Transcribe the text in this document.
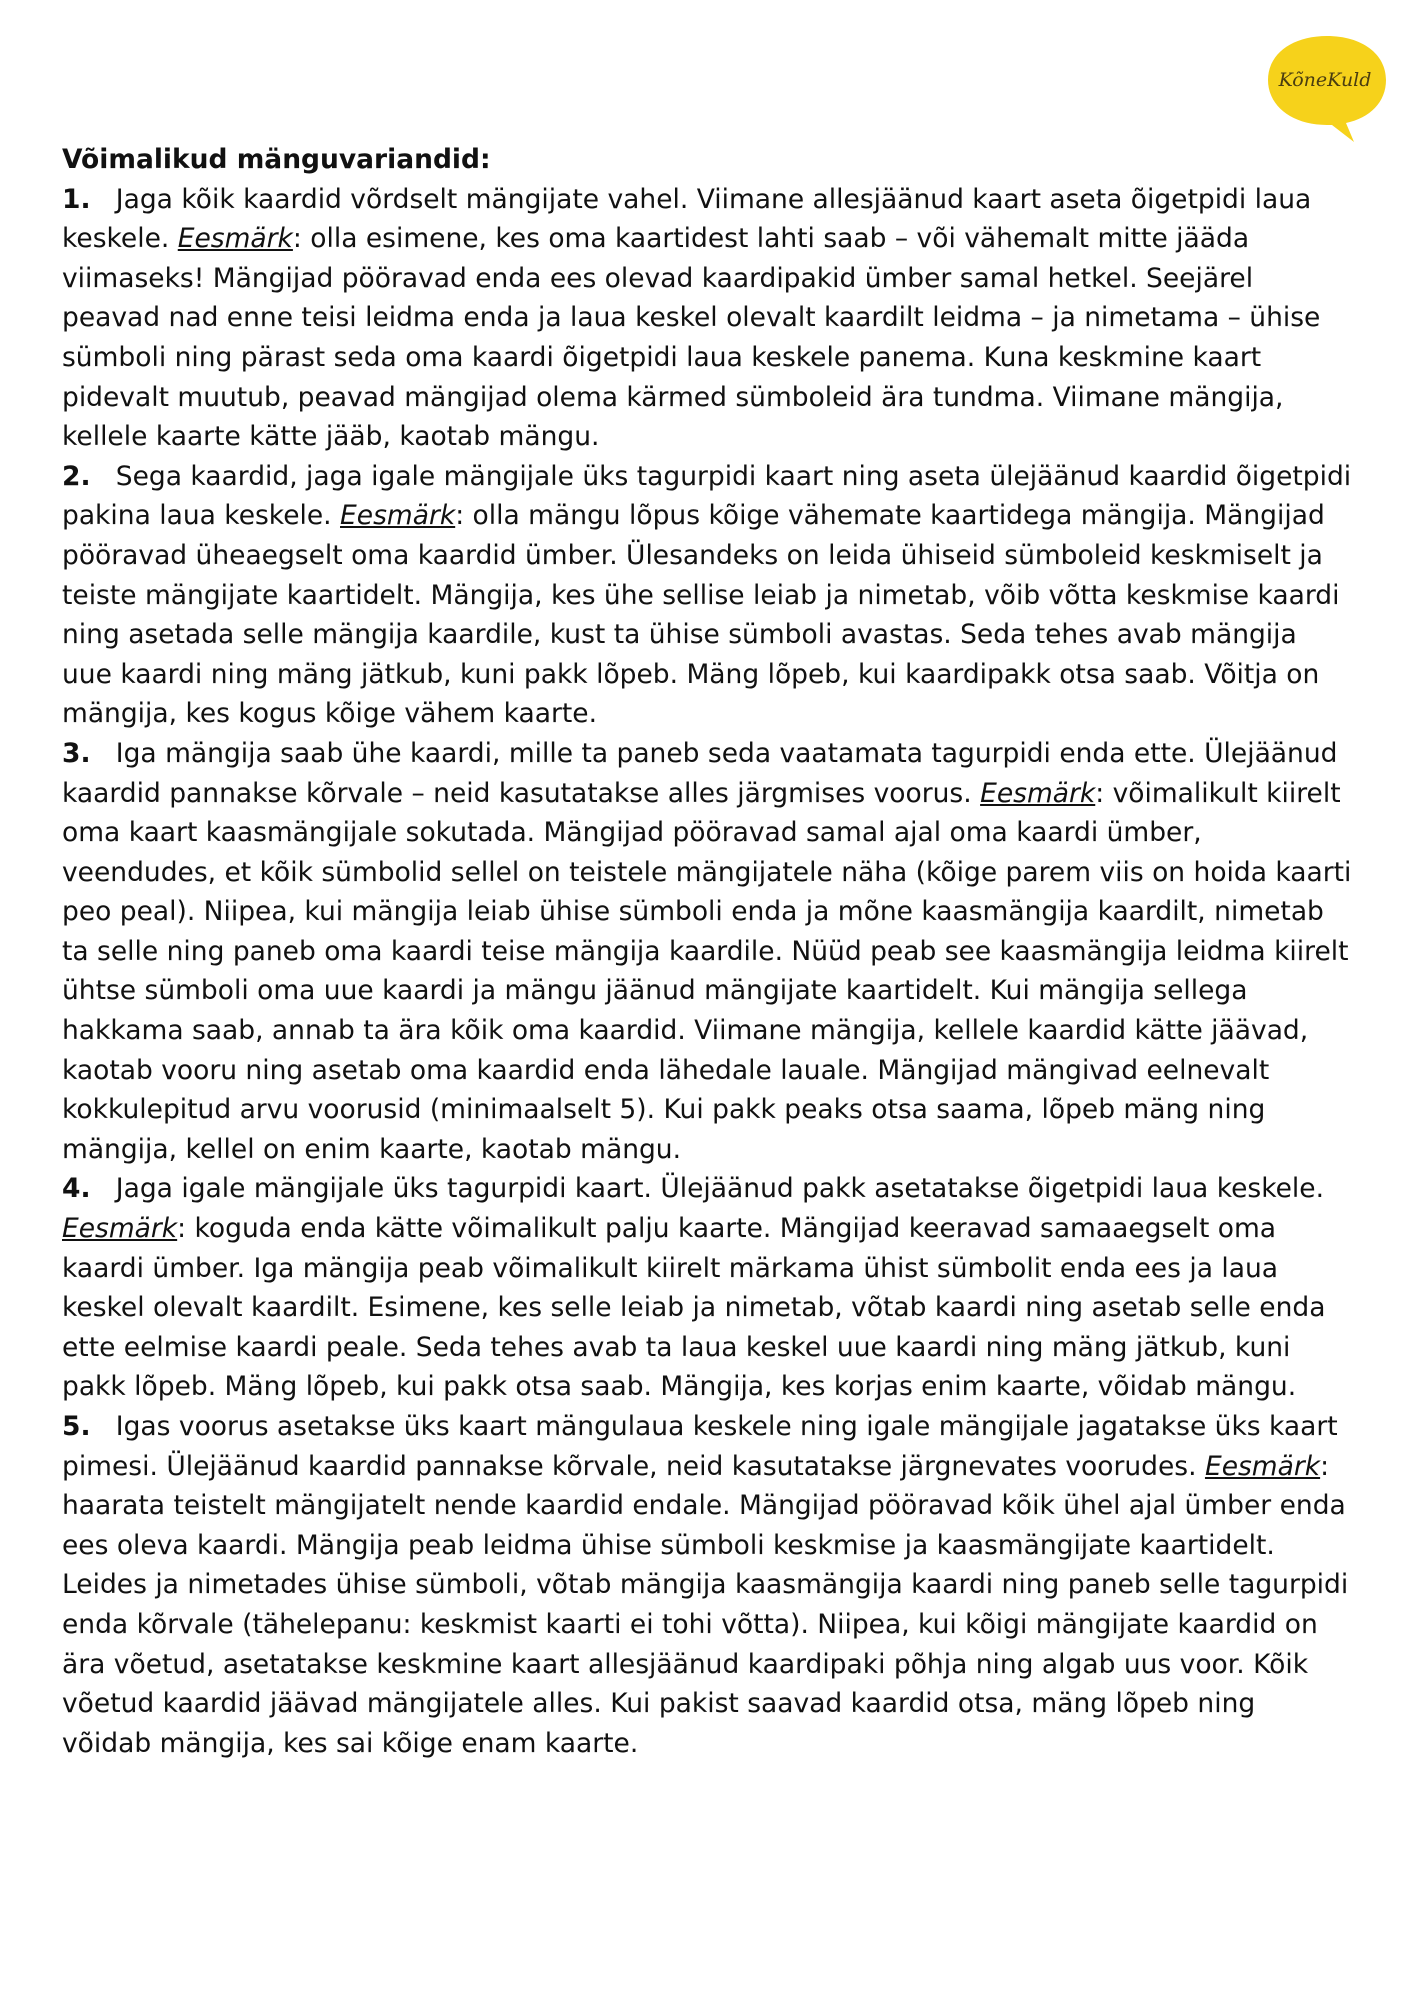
KõneKuld

Võimalikud mänguvariandid:

1. Jaga kõik kaardid võrdselt mängijate vahel. Viimane allesjäänud kaart aseta õigetpidi laua keskele. Eesmärk: olla esimene, kes oma kaartidest lahti saab – või vähemalt mitte jääda viimaseks! Mängijad pööravad enda ees olevad kaardipakid ümber samal hetkel. Seejärel peavad nad enne teisi leidma enda ja laua keskel olevalt kaardilt leidma – ja nimetama – ühise sümboli ning pärast seda oma kaardi õigetpidi laua keskele panema. Kuna keskmine kaart pidevalt muutub, peavad mängijad olema kärmed sümboleid ära tundma. Viimane mängija, kellele kaarte kätte jääb, kaotab mängu.

2. Sega kaardid, jaga igale mängijale üks tagurpidi kaart ning aseta ülejäänud kaardid õigetpidi pakina laua keskele. Eesmärk: olla mängu lõpus kõige vähemate kaartidega mängija. Mängijad pööravad üheaegselt oma kaardid ümber. Ülesandeks on leida ühiseid sümboleid keskmiselt ja teiste mängijate kaartidelt. Mängija, kes ühe sellise leiab ja nimetab, võib võtta keskmise kaardi ning asetada selle mängija kaardile, kust ta ühise sümboli avastas. Seda tehes avab mängija uue kaardi ning mäng jätkub, kuni pakk lõpeb. Mäng lõpeb, kui kaardipakk otsa saab. Võitja on mängija, kes kogus kõige vähem kaarte.

3. Iga mängija saab ühe kaardi, mille ta paneb seda vaatamata tagurpidi enda ette. Ülejäänud kaardid pannakse kõrvale – neid kasutatakse alles järgmises voorus. Eesmärk: võimalikult kiirelt oma kaart kaasmängijale sokutada. Mängijad pööravad samal ajal oma kaardi ümber, veendudes, et kõik sümbolid sellel on teistele mängijatele näha (kõige parem viis on hoida kaarti peo peal). Niipea, kui mängija leiab ühise sümboli enda ja mõne kaasmängija kaardilt, nimetab ta selle ning paneb oma kaardi teise mängija kaardile. Nüüd peab see kaasmängija leidma kiirelt ühtse sümboli oma uue kaardi ja mängu jäänud mängijate kaartidelt. Kui mängija sellega hakkama saab, annab ta ära kõik oma kaardid. Viimane mängija, kellele kaardid kätte jäävad, kaotab vooru ning asetab oma kaardid enda lähedale lauale. Mängijad mängivad eelnevalt kokkulepitud arvu voorusid (minimaalselt 5). Kui pakk peaks otsa saama, lõpeb mäng ning mängija, kellel on enim kaarte, kaotab mängu.

4. Jaga igale mängijale üks tagurpidi kaart. Ülejäänud pakk asetatakse õigetpidi laua keskele. Eesmärk: koguda enda kätte võimalikult palju kaarte. Mängijad keeravad samaaegselt oma kaardi ümber. Iga mängija peab võimalikult kiirelt märkama ühist sümbolit enda ees ja laua keskel olevalt kaardilt. Esimene, kes selle leiab ja nimetab, võtab kaardi ning asetab selle enda ette eelmise kaardi peale. Seda tehes avab ta laua keskel uue kaardi ning mäng jätkub, kuni pakk lõpeb. Mäng lõpeb, kui pakk otsa saab. Mängija, kes korjas enim kaarte, võidab mängu.

5. Igas voorus asetakse üks kaart mängulaua keskele ning igale mängijale jagatakse üks kaart pimesi. Ülejäänud kaardid pannakse kõrvale, neid kasutatakse järgnevates voorudes. Eesmärk: haarata teistelt mängijatelt nende kaardid endale. Mängijad pööravad kõik ühel ajal ümber enda ees oleva kaardi. Mängija peab leidma ühise sümboli keskmise ja kaasmängijate kaartidelt. Leides ja nimetades ühise sümboli, võtab mängija kaasmängija kaardi ning paneb selle tagurpidi enda kõrvale (tähelepanu: keskmist kaarti ei tohi võtta). Niipea, kui kõigi mängijate kaardid on ära võetud, asetatakse keskmine kaart allesjäänud kaardipaki põhja ning algab uus voor. Kõik võetud kaardid jäävad mängijatele alles. Kui pakist saavad kaardid otsa, mäng lõpeb ning võidab mängija, kes sai kõige enam kaarte.
